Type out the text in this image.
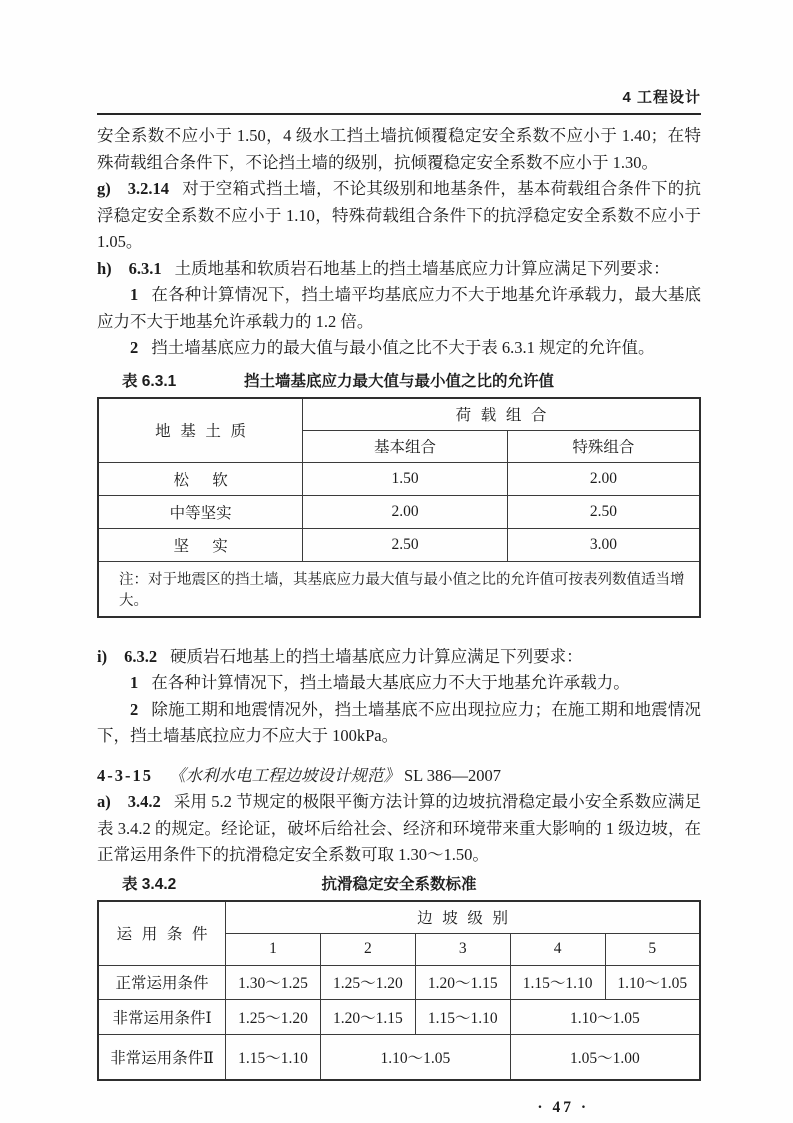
4 工程设计

安全系数不应小于 1.50，4 级水工挡土墙抗倾覆稳定安全系数不应小于 1.40；在特殊荷载组合条件下，不论挡土墙的级别，抗倾覆稳定安全系数不应小于 1.30。

g) 3.2.14 对于空箱式挡土墙，不论其级别和地基条件，基本荷载组合条件下的抗浮稳定安全系数不应小于 1.10，特殊荷载组合条件下的抗浮稳定安全系数不应小于 1.05。

h) 6.3.1 土质地基和软质岩石地基上的挡土墙基底应力计算应满足下列要求：

1 在各种计算情况下，挡土墙平均基底应力不大于地基允许承载力，最大基底应力不大于地基允许承载力的 1.2 倍。

2 挡土墙基底应力的最大值与最小值之比不大于表 6.3.1 规定的允许值。

表 6.3.1	挡土墙基底应力最大值与最小值之比的允许值
地基土质	荷载组合	
	基本组合	特殊组合
松软	1.50	2.00
中等坚实	2.00	2.50
坚实	2.50	3.00
注：对于地震区的挡土墙，其基底应力最大值与最小值之比的允许值可按表列数值适当增大。		

i) 6.3.2 硬质岩石地基上的挡土墙基底应力计算应满足下列要求：

1 在各种计算情况下，挡土墙最大基底应力不大于地基允许承载力。

2 除施工期和地震情况外，挡土墙基底不应出现拉应力；在施工期和地震情况下，挡土墙基底拉应力不应大于 100kPa。

4-3-15 《水利水电工程边坡设计规范》 SL 386—2007

a) 3.4.2 采用 5.2 节规定的极限平衡方法计算的边坡抗滑稳定最小安全系数应满足表 3.4.2 的规定。经论证，破坏后给社会、经济和环境带来重大影响的 1 级边坡，在正常运用条件下的抗滑稳定安全系数可取 1.30～1.50。

表 3.4.2	抗滑稳定安全系数标准
运用条件	边坡级别				
	1	2	3	4	5
正常运用条件	1.30～1.25	1.25～1.20	1.20～1.15	1.15～1.10	1.10～1.05
非常运用条件Ⅰ	1.25～1.20	1.20～1.15	1.15～1.10	1.10～1.05	
非常运用条件Ⅱ	1.15～1.10	1.10～1.05		1.05～1.00	
· 47 ·
